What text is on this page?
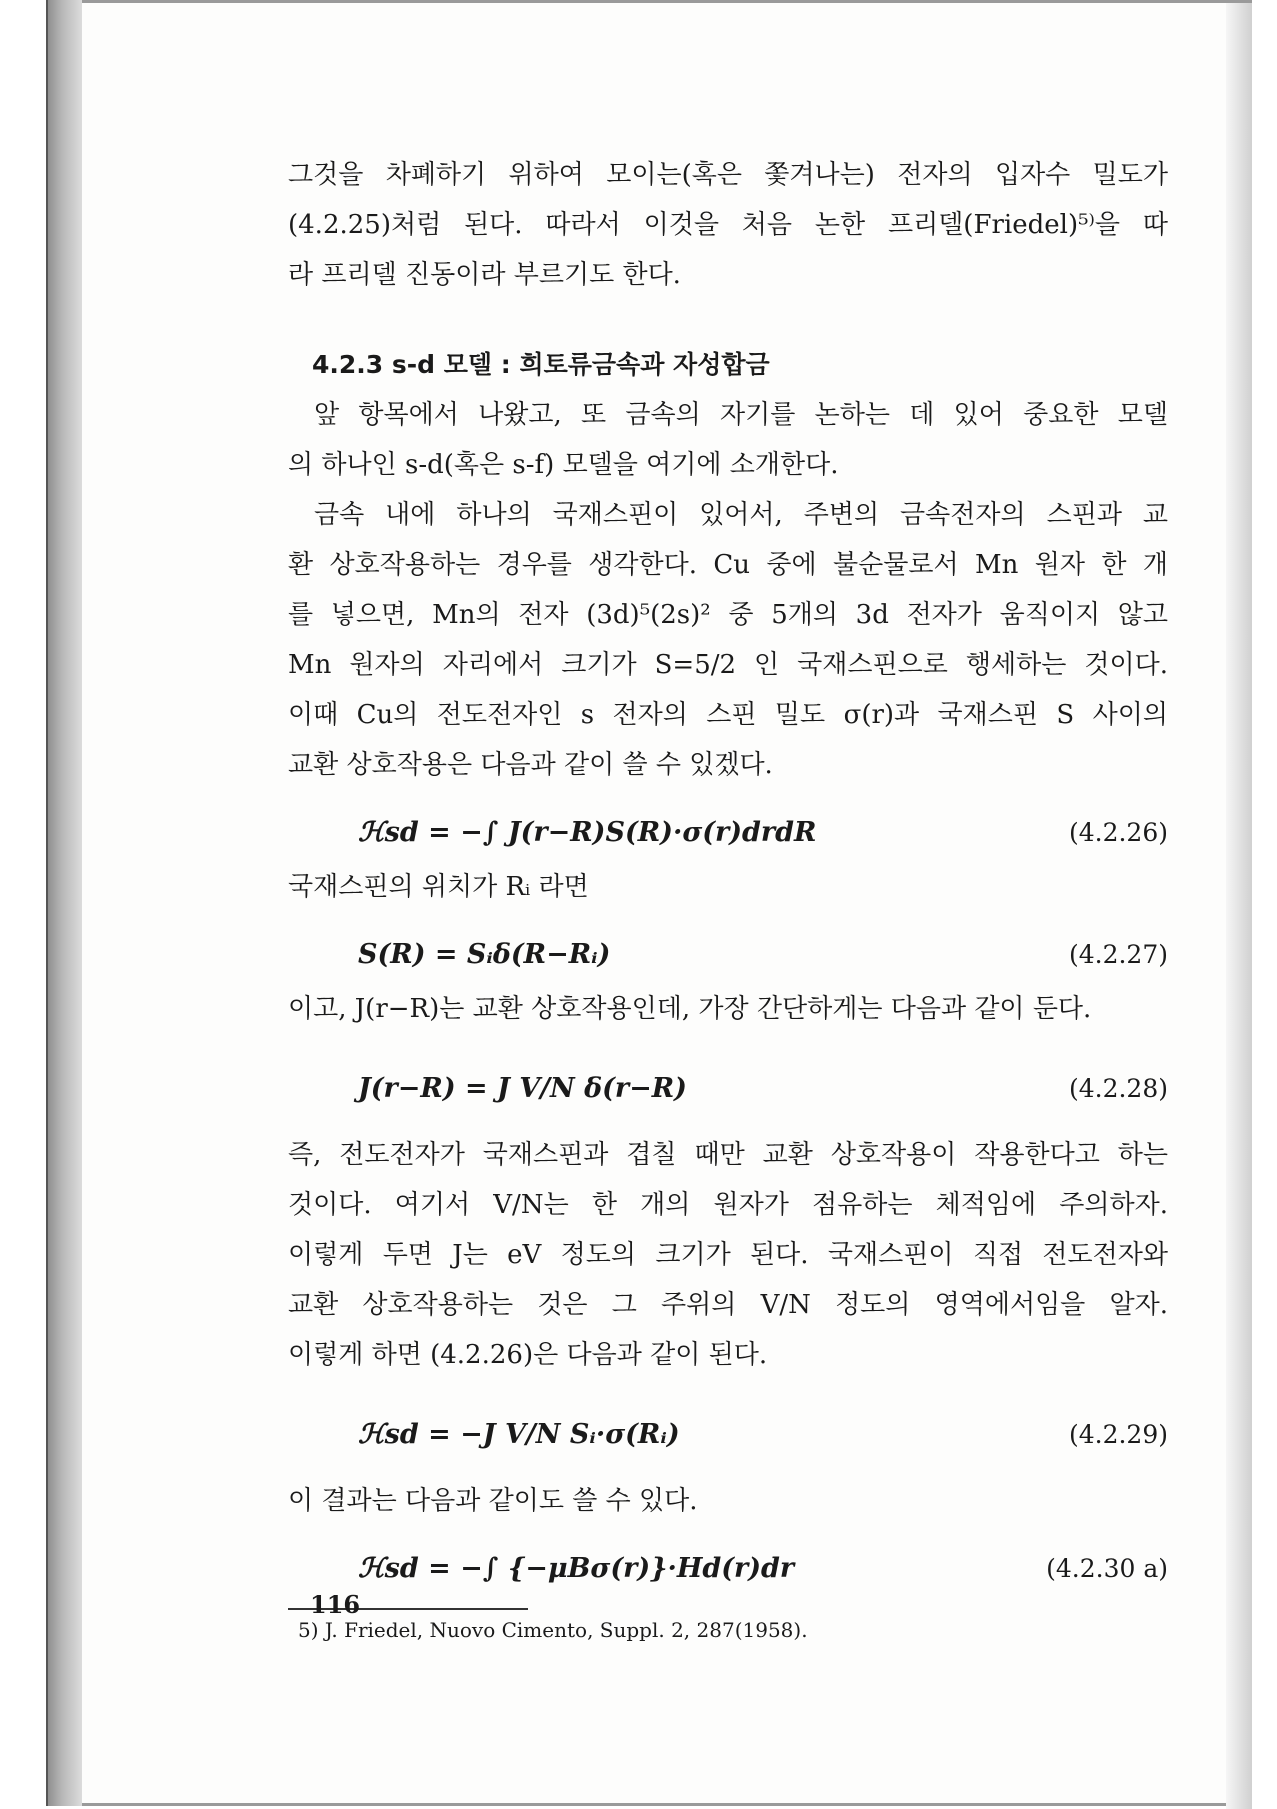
그것을 차폐하기 위하여 모이는(혹은 쫓겨나는) 전자의 입자수 밀도가

(4.2.25)처럼 된다. 따라서 이것을 처음 논한 프리델(Friedel)⁵⁾을 따

라 프리델 진동이라 부르기도 한다.

4.2.3 s-d 모델 : 희토류금속과 자성합금

앞 항목에서 나왔고, 또 금속의 자기를 논하는 데 있어 중요한 모델

의 하나인 s-d(혹은 s-f) 모델을 여기에 소개한다.

금속 내에 하나의 국재스핀이 있어서, 주변의 금속전자의 스핀과 교

환 상호작용하는 경우를 생각한다. Cu 중에 불순물로서 Mn 원자 한 개

를 넣으면, Mn의 전자 (3d)⁵(2s)² 중 5개의 3d 전자가 움직이지 않고

Mn 원자의 자리에서 크기가 S=5/2 인 국재스핀으로 행세하는 것이다.

이때 Cu의 전도전자인 s 전자의 스핀 밀도 σ(r)과 국재스핀 S 사이의

교환 상호작용은 다음과 같이 쓸 수 있겠다.

ℋsd = −∫ J(r−R)S(R)·σ(r)drdR	(4.2.26)

국재스핀의 위치가 Rᵢ 라면

S(R) = Sᵢδ(R−Rᵢ)	(4.2.27)

이고, J(r−R)는 교환 상호작용인데, 가장 간단하게는 다음과 같이 둔다.

J(r−R) = J V/N δ(r−R)	(4.2.28)

즉, 전도전자가 국재스핀과 겹칠 때만 교환 상호작용이 작용한다고 하는

것이다. 여기서 V/N는 한 개의 원자가 점유하는 체적임에 주의하자.

이렇게 두면 J는 eV 정도의 크기가 된다. 국재스핀이 직접 전도전자와

교환 상호작용하는 것은 그 주위의 V/N 정도의 영역에서임을 알자.

이렇게 하면 (4.2.26)은 다음과 같이 된다.

ℋsd = −J V/N Sᵢ·σ(Rᵢ)	(4.2.29)

이 결과는 다음과 같이도 쓸 수 있다.

ℋsd = −∫ {−μBσ(r)}·Hd(r)dr	(4.2.30 a)
5) J. Friedel, Nuovo Cimento, Suppl. 2, 287(1958).
116
